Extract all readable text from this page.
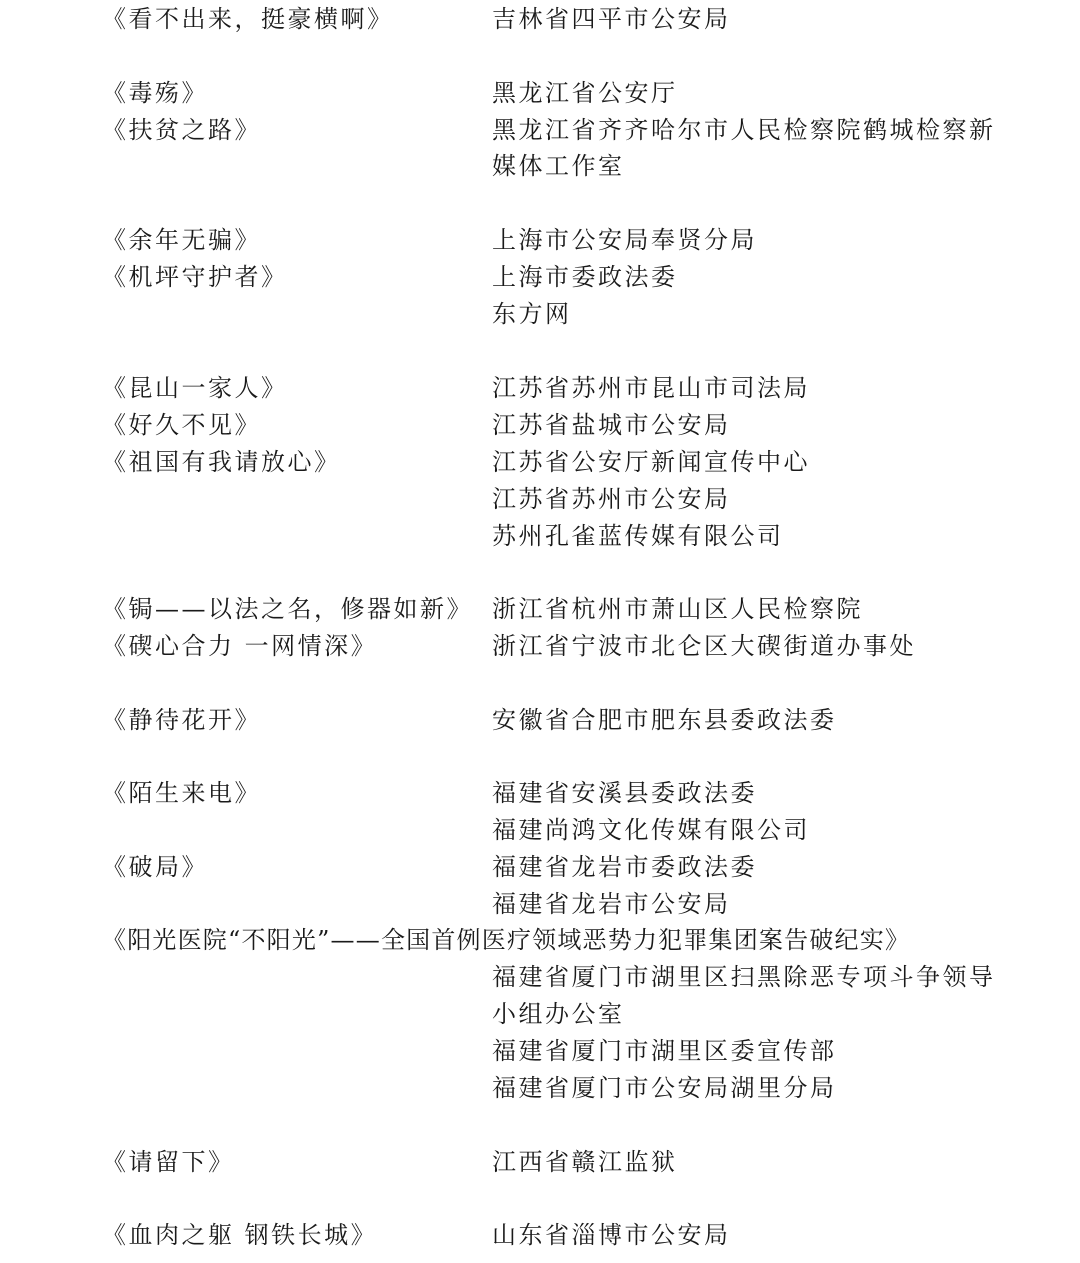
《看不出来，挺豪横啊》	吉林省四平市公安局
《毒殇》	黑龙江省公安厅
《扶贫之路》	黑龙江省齐齐哈尔市人民检察院鹤城检察新
媒体工作室
《余年无骗》	上海市公安局奉贤分局
《机坪守护者》	上海市委政法委
东方网
《昆山一家人》	江苏省苏州市昆山市司法局
《好久不见》	江苏省盐城市公安局
《祖国有我请放心》	江苏省公安厅新闻宣传中心
江苏省苏州市公安局
苏州孔雀蓝传媒有限公司
《锔——以法之名，修器如新》 浙江省杭州市萧山区人民检察院
《碶心合力 一网情深》	浙江省宁波市北仑区大碶街道办事处
《静待花开》	安徽省合肥市肥东县委政法委
《陌生来电》	福建省安溪县委政法委
福建尚鸿文化传媒有限公司
《破局》	福建省龙岩市委政法委
福建省龙岩市公安局
《阳光医院“不阳光”——全国首例医疗领域恶势力犯罪集团案告破纪实》
福建省厦门市湖里区扫黑除恶专项斗争领导
小组办公室
福建省厦门市湖里区委宣传部
福建省厦门市公安局湖里分局
《请留下》	江西省赣江监狱
《血肉之躯 钢铁长城》	山东省淄博市公安局
